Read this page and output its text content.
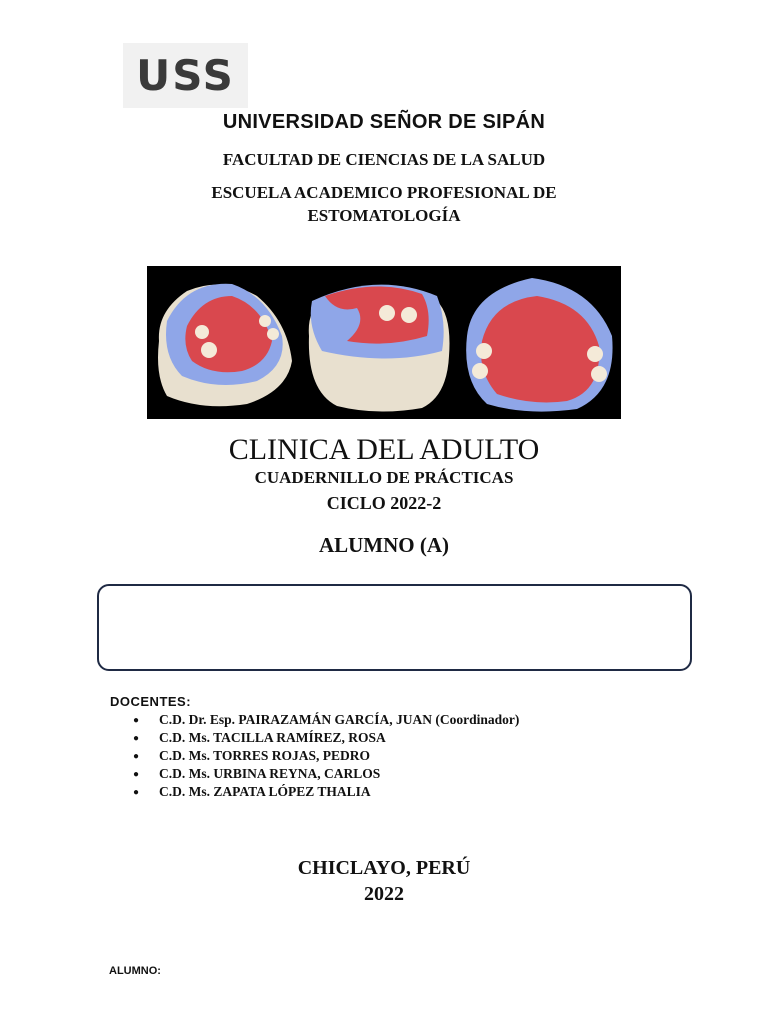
USS
UNIVERSIDAD SEÑOR DE SIPÁN
FACULTAD DE CIENCIAS DE LA SALUD
ESCUELA ACADEMICO PROFESIONAL DE
ESTOMATOLOGÍA
CLINICA DEL ADULTO
CUADERNILLO DE PRÁCTICAS
CICLO 2022-2
ALUMNO (A)
DOCENTES:
● C.D. Dr. Esp. PAIRAZAMÁN GARCÍA, JUAN (Coordinador)
● C.D. Ms. TACILLA RAMÍREZ, ROSA
● C.D. Ms. TORRES ROJAS, PEDRO
● C.D. Ms. URBINA REYNA, CARLOS
● C.D. Ms. ZAPATA LÓPEZ THALIA
CHICLAYO, PERÚ
2022
ALUMNO:
